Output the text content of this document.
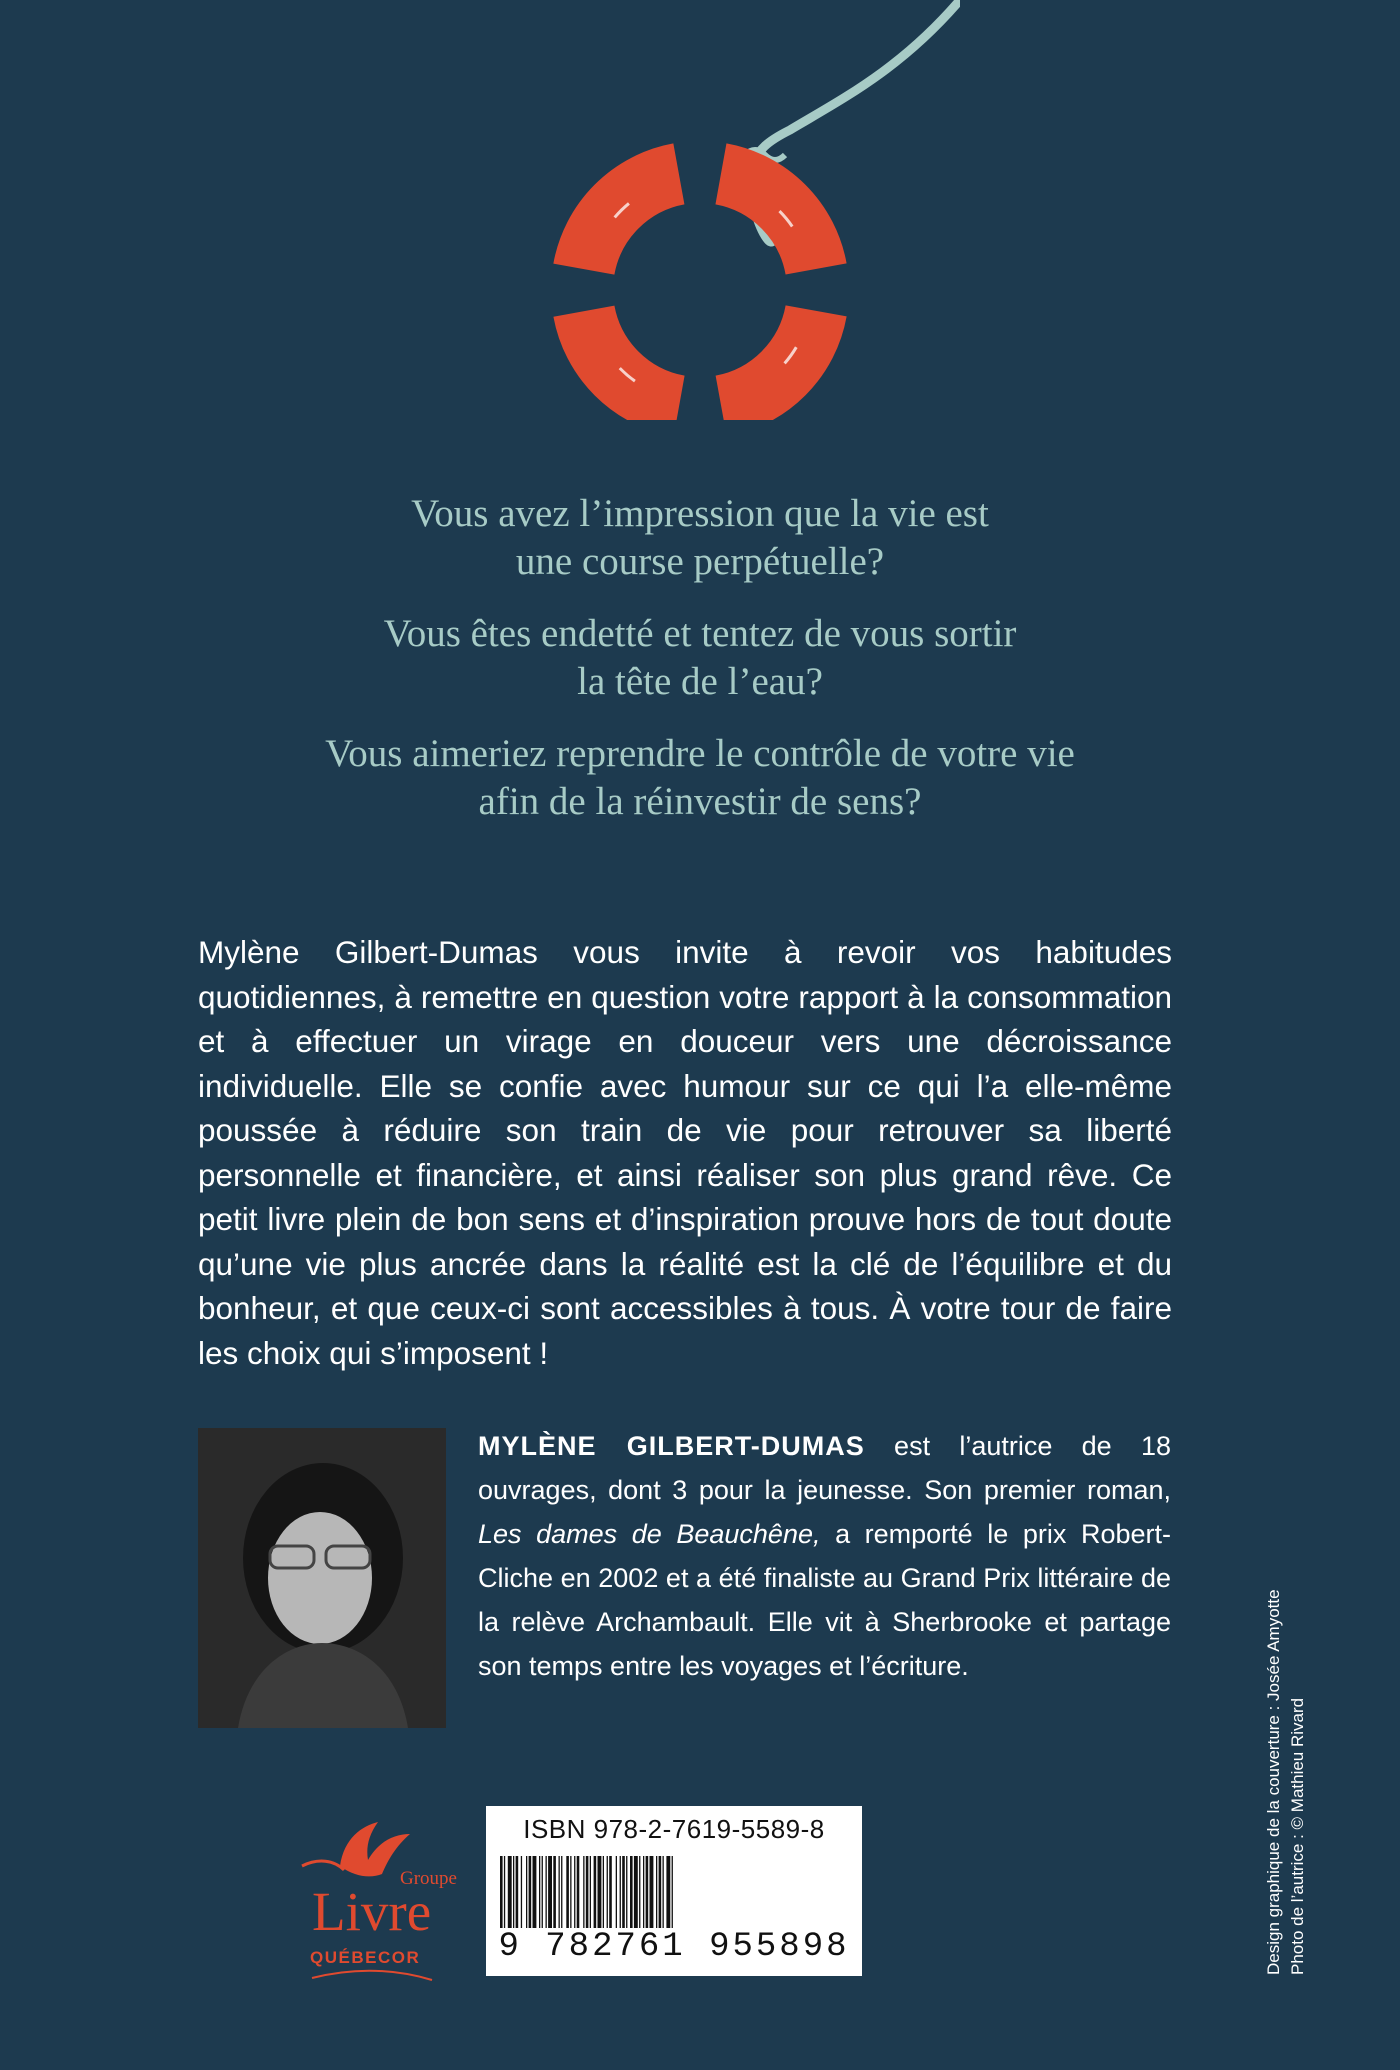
Vous avez l’impression que la vie est
une course perpétuelle?

Vous êtes endetté et tentez de vous sortir
la tête de l’eau?

Vous aimeriez reprendre le contrôle de votre vie
afin de la réinvestir de sens?

Mylène Gilbert-Dumas vous invite à revoir vos habitudes quotidiennes, à remettre en question votre rapport à la consommation et à effectuer un virage en douceur vers une décroissance individuelle. Elle se confie avec humour sur ce qui l’a elle-même poussée à réduire son train de vie pour retrouver sa liberté personnelle et financière, et ainsi réaliser son plus grand rêve. Ce petit livre plein de bon sens et d’inspiration prouve hors de tout doute qu’une vie plus ancrée dans la réalité est la clé de l’équilibre et du bonheur, et que ceux-ci sont accessibles à tous. À votre tour de faire les choix qui s’imposent !

MYLÈNE GILBERT-DUMAS est l’autrice de 18 ouvrages, dont 3 pour la jeunesse. Son premier roman, Les dames de Beauchêne, a remporté le prix Robert-Cliche en 2002 et a été finaliste au Grand Prix littéraire de la relève Archambault. Elle vit à Sherbrooke et partage son temps entre les voyages et l’écriture.	Design graphique de la couverture : Josée Amyotte Photo de l’autrice : © Mathieu Rivard
Groupe
Livre
QUÉBECOR
ISBN 978-2-7619-5589-8
9 782761 955898
